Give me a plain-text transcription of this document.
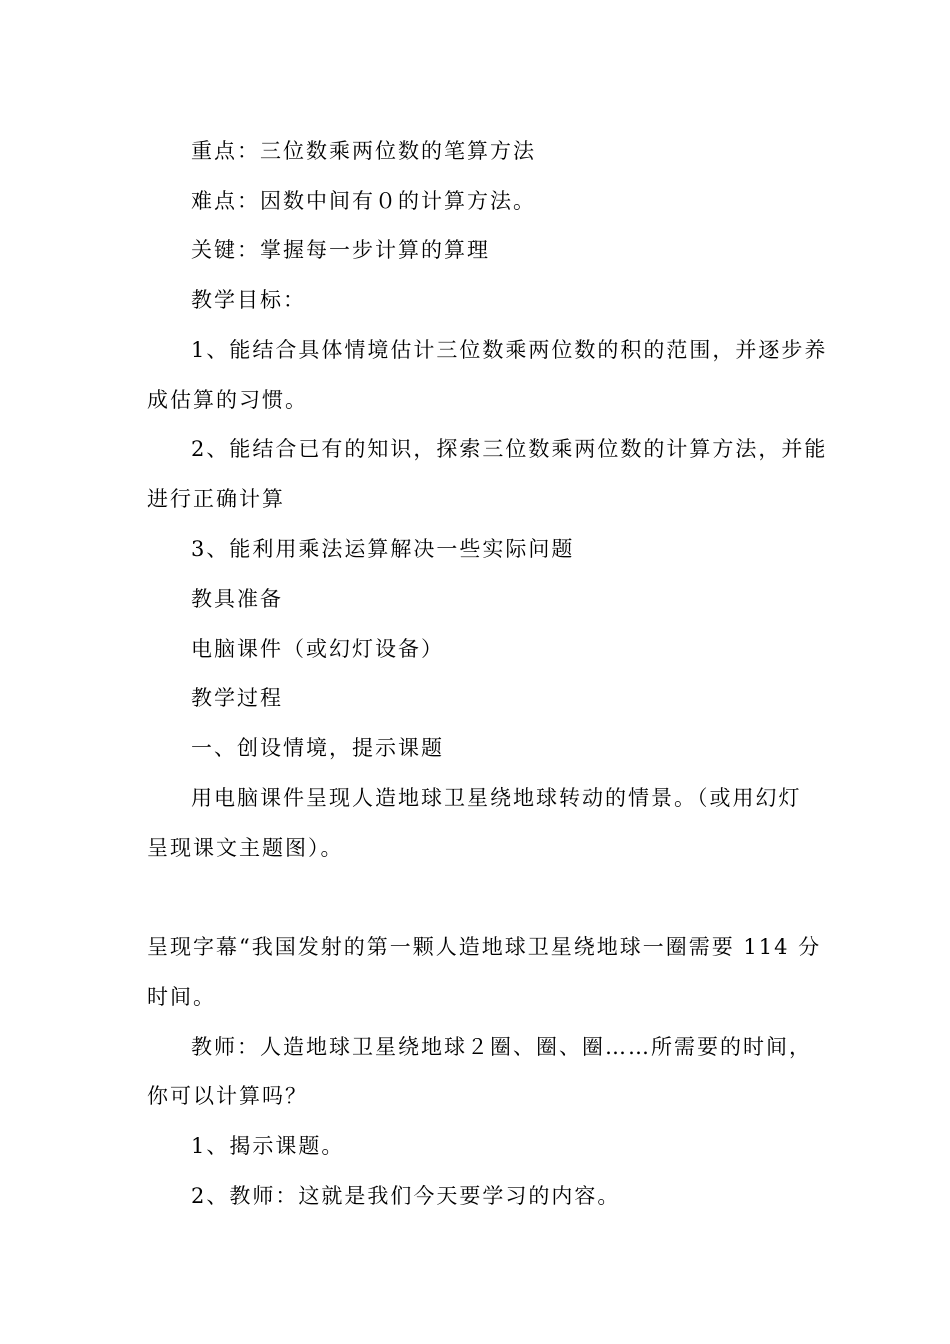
重点：三位数乘两位数的笔算方法
难点：因数中间有０的计算方法。
关键：掌握每一步计算的算理
教学目标：
1、能结合具体情境估计三位数乘两位数的积的范围，并逐步养
成估算的习惯。
2、能结合已有的知识，探索三位数乘两位数的计算方法，并能
进行正确计算
3、能利用乘法运算解决一些实际问题
教具准备
电脑课件（或幻灯设备）
教学过程
一、创设情境，提示课题
用电脑课件呈现人造地球卫星绕地球转动的情景。（或用幻灯
呈现课文主题图）。
呈现字幕“我国发射的第一颗人造地球卫星绕地球一圈需要 114 分
时间。
教师：人造地球卫星绕地球２圈、圈、圈……所需要的时间，
你可以计算吗？
1、揭示课题。
2、教师：这就是我们今天要学习的内容。
